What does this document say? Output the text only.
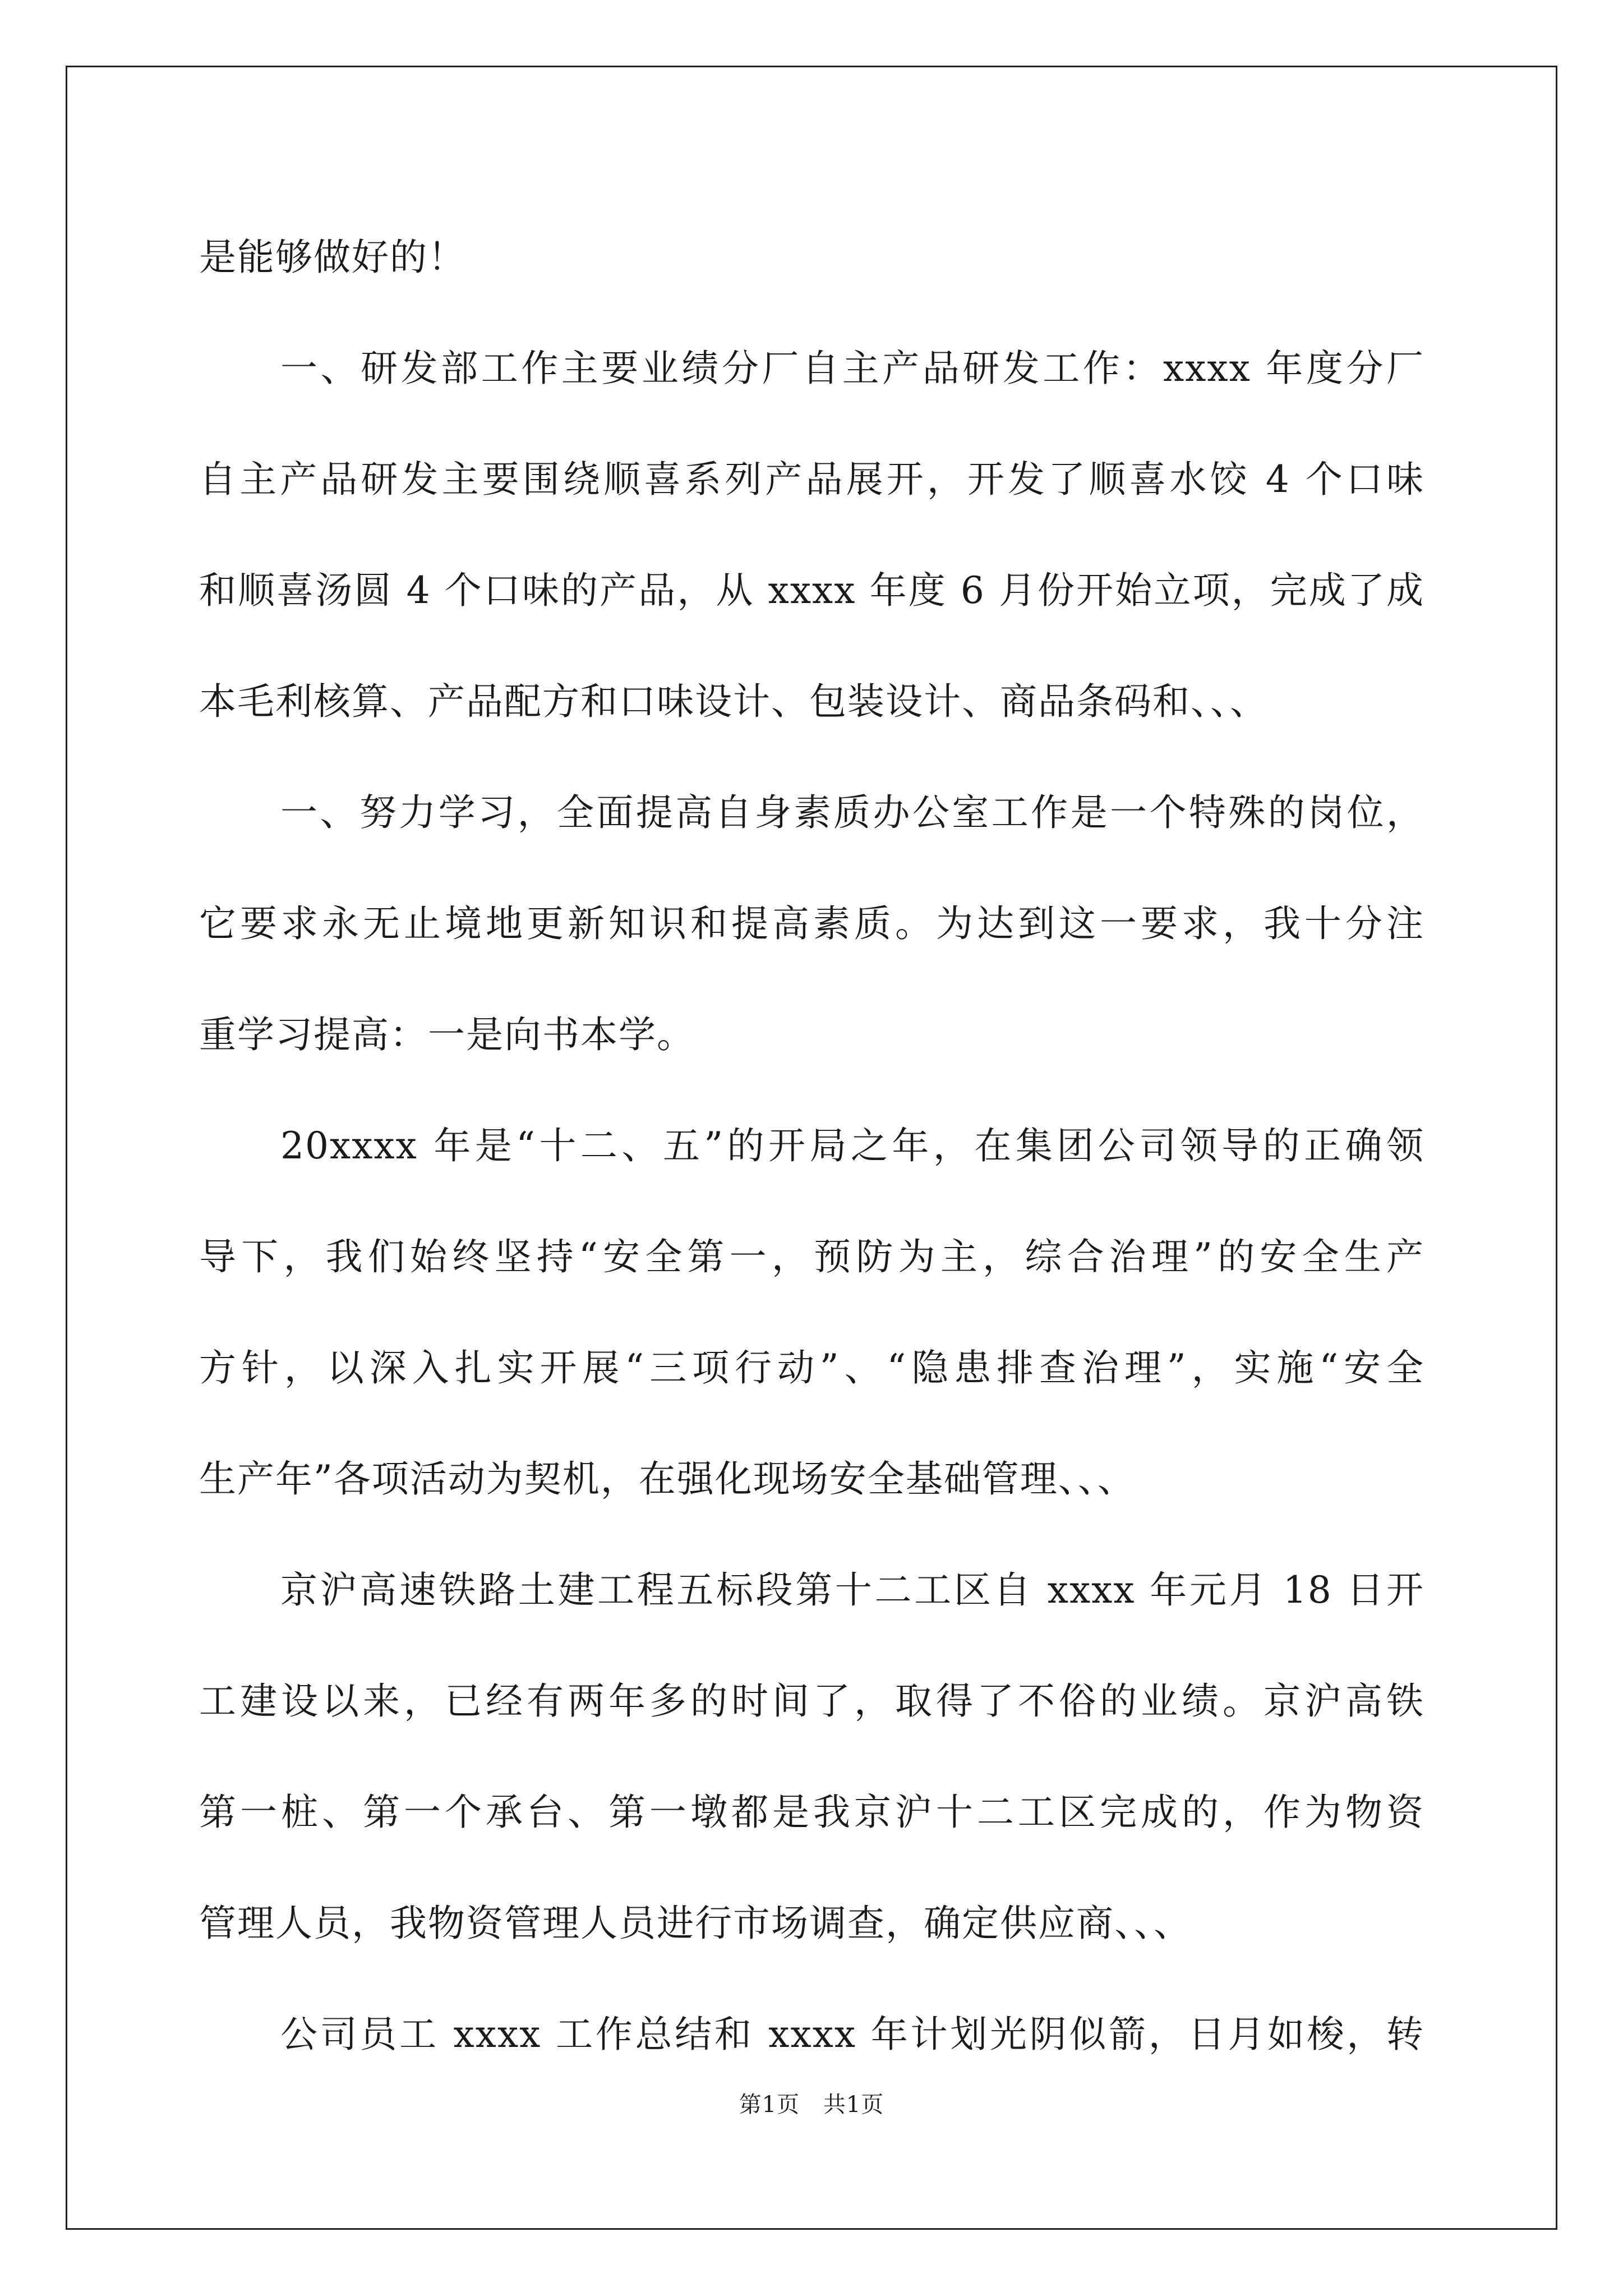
是能够做好的！
一、研发部工作主要业绩分厂自主产品研发工作：xxxx 年度分厂
自主产品研发主要围绕顺喜系列产品展开，开发了顺喜水饺 4 个口味
和顺喜汤圆 4 个口味的产品，从 xxxx 年度 6 月份开始立项，完成了成
本毛利核算、产品配方和口味设计、包装设计、商品条码和、、、
一、努力学习，全面提高自身素质办公室工作是一个特殊的岗位，
它要求永无止境地更新知识和提高素质。为达到这一要求，我十分注
重学习提高：一是向书本学。
20xxxx 年是“十二、五”的开局之年，在集团公司领导的正确领
导下，我们始终坚持“安全第一，预防为主，综合治理”的安全生产
方针，以深入扎实开展“三项行动”、“隐患排查治理”，实施“安全
生产年”各项活动为契机，在强化现场安全基础管理、、、
京沪高速铁路土建工程五标段第十二工区自 xxxx 年元月 18 日开
工建设以来，已经有两年多的时间了，取得了不俗的业绩。京沪高铁
第一桩、第一个承台、第一墩都是我京沪十二工区完成的，作为物资
管理人员，我物资管理人员进行市场调查，确定供应商、、、
公司员工 xxxx 工作总结和 xxxx 年计划光阴似箭，日月如梭，转
第1页 共1页
